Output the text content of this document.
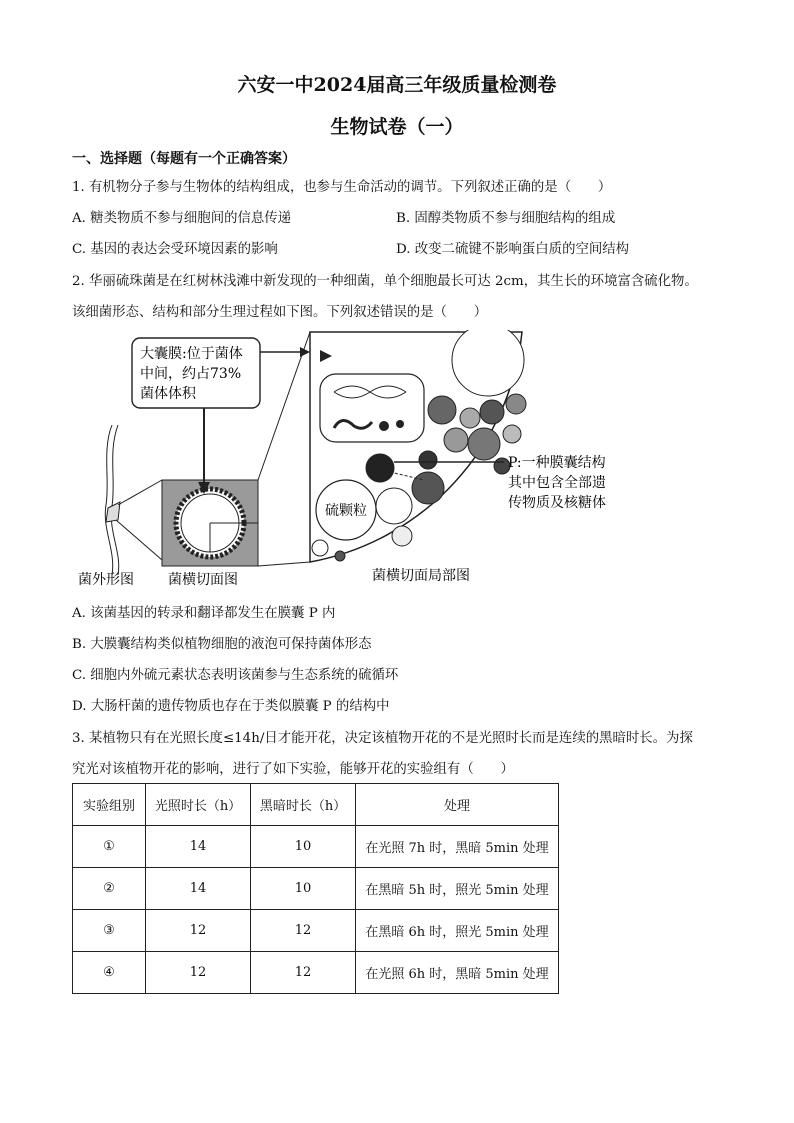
六安一中2024届高三年级质量检测卷
生物试卷（一）
一、选择题（每题有一个正确答案）
1. 有机物分子参与生物体的结构组成，也参与生命活动的调节。下列叙述正确的是（　　）
A. 糖类物质不参与细胞间的信息传递	B. 固醇类物质不参与细胞结构的组成
C. 基因的表达会受环境因素的影响	D. 改变二硫键不影响蛋白质的空间结构
2. 华丽硫珠菌是在红树林浅滩中新发现的一种细菌，单个细胞最长可达 2cm，其生长的环境富含硫化物。
该细菌形态、结构和部分生理过程如下图。下列叙述错误的是（　　）
大囊膜:位于菌体
中间，约占73%
菌体体积
硫颗粒
P:一种膜囊结构
其中包含全部遗
传物质及核糖体
菌外形图 菌横切面图	菌横切面局部图
A. 该菌基因的转录和翻译都发生在膜囊 P 内
B. 大膜囊结构类似植物细胞的液泡可保持菌体形态
C. 细胞内外硫元素状态表明该菌参与生态系统的硫循环
D. 大肠杆菌的遗传物质也存在于类似膜囊 P 的结构中
3. 某植物只有在光照长度≤14h/日才能开花，决定该植物开花的不是光照时长而是连续的黑暗时长。为探
究光对该植物开花的影响，进行了如下实验，能够开花的实验组有（　　）
实验组别	光照时长（h）	黑暗时长（h）	处理
①	14	10	在光照 7h 时，黑暗 5min 处理
②	14	10	在黑暗 5h 时，照光 5min 处理
③	12	12	在黑暗 6h 时，照光 5min 处理
④	12	12	在光照 6h 时，黑暗 5min 处理
